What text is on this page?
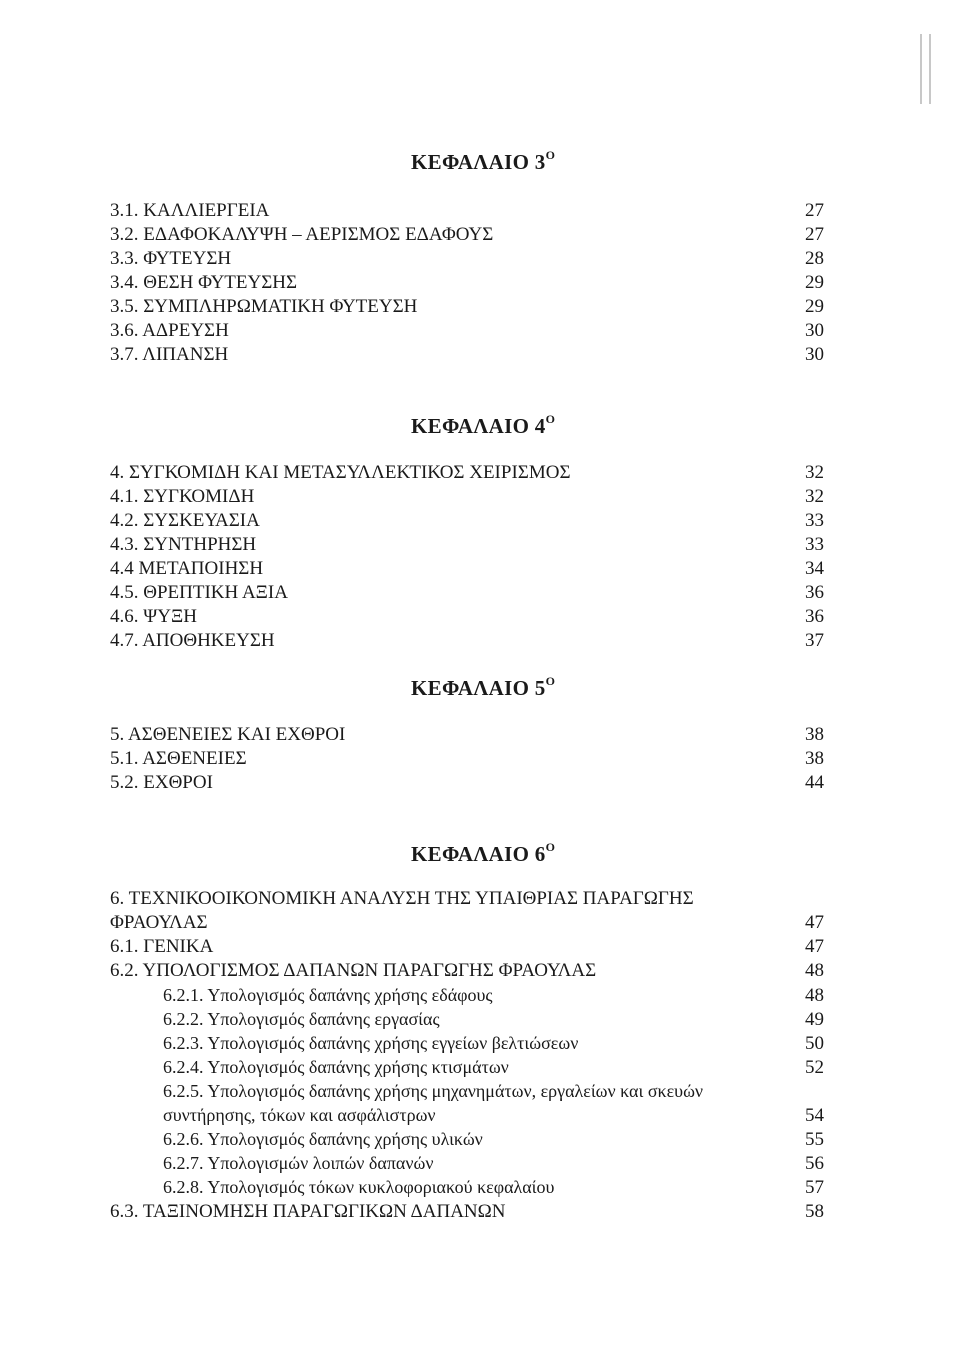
ΚΕΦΑΛΑΙΟ $3^O$
3.1. ΚΑΛΛΙΕΡΓΕΙΑ	27
3.2. ΕΔΑΦΟΚΑΛΥΨΗ – ΑΕΡΙΣΜΟΣ ΕΔΑΦΟΥΣ	27
3.3. ΦΥΤΕΥΣΗ	28
3.4. ΘΕΣΗ ΦΥΤΕΥΣΗΣ	29
3.5. ΣΥΜΠΛΗΡΩΜΑΤΙΚΗ ΦΥΤΕΥΣΗ	29
3.6. ΑΔΡΕΥΣΗ	30
3.7. ΛΙΠΑΝΣΗ	30
ΚΕΦΑΛΑΙΟ $4^O$
4. ΣΥΓΚΟΜΙΔΗ ΚΑΙ ΜΕΤΑΣΥΛΛΕΚΤΙΚΟΣ ΧΕΙΡΙΣΜΟΣ	32
4.1. ΣΥΓΚΟΜΙΔΗ	32
4.2. ΣΥΣΚΕΥΑΣΙΑ	33
4.3. ΣΥΝΤΗΡΗΣΗ	33
4.4 ΜΕΤΑΠΟΙΗΣΗ	34
4.5. ΘΡΕΠΤΙΚΗ ΑΞΙΑ	36
4.6. ΨΥΞΗ	36
4.7. ΑΠΟΘΗΚΕΥΣΗ	37
ΚΕΦΑΛΑΙΟ $5^O$
5. ΑΣΘΕΝΕΙΕΣ ΚΑΙ ΕΧΘΡΟΙ	38
5.1. ΑΣΘΕΝΕΙΕΣ	38
5.2. ΕΧΘΡΟΙ	44
ΚΕΦΑΛΑΙΟ $6^O$
6. ΤΕΧΝΙΚΟΟΙΚΟΝΟΜΙΚΗ ΑΝΑΛΥΣΗ ΤΗΣ ΥΠΑΙΘΡΙΑΣ ΠΑΡΑΓΩΓΗΣ
ΦΡΑΟΥΛΑΣ	47
6.1. ΓΕΝΙΚΑ	47
6.2. ΥΠΟΛΟΓΙΣΜΟΣ ΔΑΠΑΝΩΝ ΠΑΡΑΓΩΓΗΣ ΦΡΑΟΥΛΑΣ	48
6.2.1. Υπολογισμός δαπάνης χρήσης εδάφους	48
6.2.2. Υπολογισμός δαπάνης εργασίας	49
6.2.3. Υπολογισμός δαπάνης χρήσης εγγείων βελτιώσεων	50
6.2.4. Υπολογισμός δαπάνης χρήσης κτισμάτων	52
6.2.5. Υπολογισμός δαπάνης χρήσης μηχανημάτων, εργαλείων και σκευών
συντήρησης, τόκων και ασφάλιστρων	54
6.2.6. Υπολογισμός δαπάνης χρήσης υλικών	55
6.2.7. Υπολογισμών λοιπών δαπανών	56
6.2.8. Υπολογισμός τόκων κυκλοφοριακού κεφαλαίου	57
6.3. ΤΑΞΙΝΟΜΗΣΗ ΠΑΡΑΓΩΓΙΚΩΝ ΔΑΠΑΝΩΝ	58
